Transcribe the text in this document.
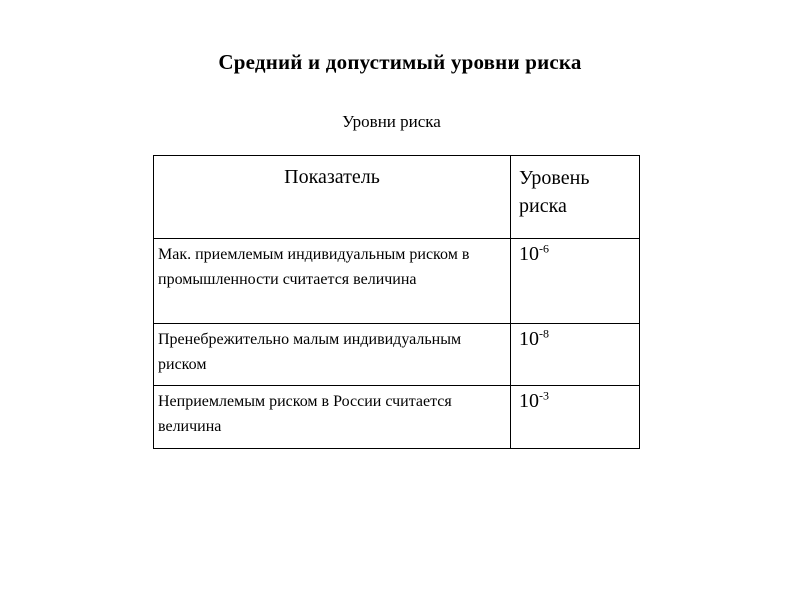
Средний и допустимый уровни риска
Уровни риска
Показатель	Уровень риска
Мак. приемлемым индивидуальным риском в промышленности считается величина	$10^{-6}$
Пренебрежительно малым индивидуальным риском	$10^{-8}$
Неприемлемым риском в России считается величина	$10^{-3}$
